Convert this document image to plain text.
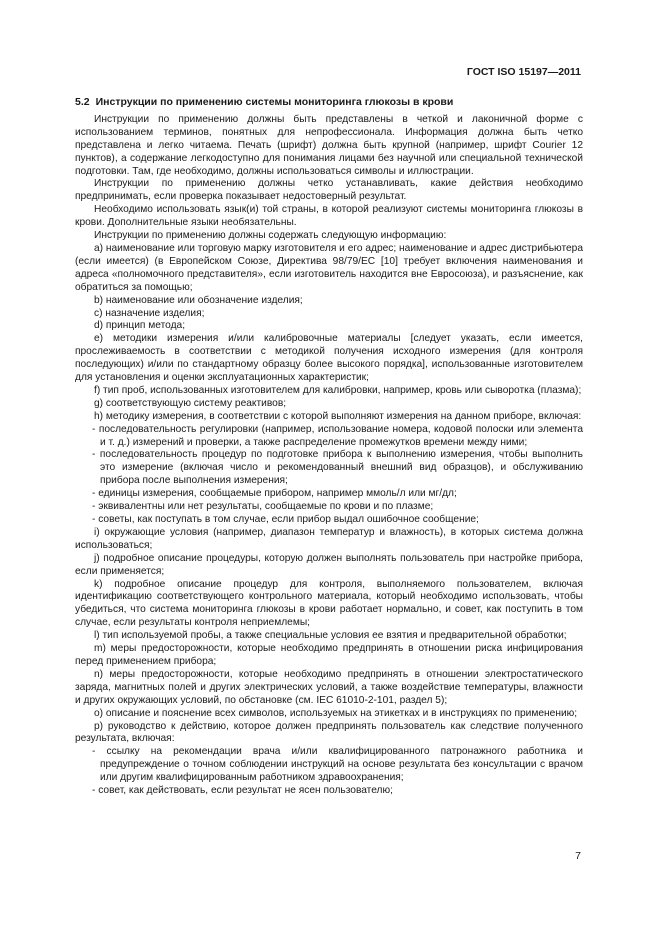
ГОСТ ISO 15197—2011
5.2 Инструкции по применению системы мониторинга глюкозы в крови

Инструкции по применению должны быть представлены в четкой и лаконичной форме с использованием терминов, понятных для непрофессионала. Информация должна быть четко представлена и легко читаема. Печать (шрифт) должна быть крупной (например, шрифт Courier 12 пунктов), а содержание легкодоступно для понимания лицами без научной или специальной технической подготовки. Там, где необходимо, должны использоваться символы и иллюстрации.

Инструкции по применению должны четко устанавливать, какие действия необходимо предпринимать, если проверка показывает недостоверный результат.

Необходимо использовать язык(и) той страны, в которой реализуют системы мониторинга глюкозы в крови. Дополнительные языки необязательны.

Инструкции по применению должны содержать следующую информацию:

a) наименование или торговую марку изготовителя и его адрес; наименование и адрес дистрибьютера (если имеется) (в Европейском Союзе, Директива 98/79/ЕС [10] требует включения наименования и адреса «полномочного представителя», если изготовитель находится вне Евросоюза), и разъяснение, как обратиться за помощью;

b) наименование или обозначение изделия;

c) назначение изделия;

d) принцип метода;

e) методики измерения и/или калибровочные материалы [следует указать, если имеется, прослеживаемость в соответствии с методикой получения исходного измерения (для контроля последующих) и/или по стандартному образцу более высокого порядка], использованные изготовителем для установления и оценки эксплуатационных характеристик;

f) тип проб, использованных изготовителем для калибровки, например, кровь или сыворотка (плазма);

g) соответствующую систему реактивов;

h) методику измерения, в соответствии с которой выполняют измерения на данном приборе, включая:

- последовательность регулировки (например, использование номера, кодовой полоски или элемента и т. д.) измерений и проверки, а также распределение промежутков времени между ними;
- последовательность процедур по подготовке прибора к выполнению измерения, чтобы выполнить это измерение (включая число и рекомендованный внешний вид образцов), и обслуживанию прибора после выполнения измерения;
- единицы измерения, сообщаемые прибором, например ммоль/л или мг/дл;
- эквивалентны или нет результаты, сообщаемые по крови и по плазме;
- советы, как поступать в том случае, если прибор выдал ошибочное сообщение;

i) окружающие условия (например, диапазон температур и влажность), в которых система должна использоваться;

j) подробное описание процедуры, которую должен выполнять пользователь при настройке прибора, если применяется;

k) подробное описание процедур для контроля, выполняемого пользователем, включая идентификацию соответствующего контрольного материала, который необходимо использовать, чтобы убедиться, что система мониторинга глюкозы в крови работает нормально, и совет, как поступить в том случае, если результаты контроля неприемлемы;

l) тип используемой пробы, а также специальные условия ее взятия и предварительной обработки;

m) меры предосторожности, которые необходимо предпринять в отношении риска инфицирования перед применением прибора;

n) меры предосторожности, которые необходимо предпринять в отношении электростатического заряда, магнитных полей и других электрических условий, а также воздействие температуры, влажности и других окружающих условий, по обстановке (см. IEC 61010-2-101, раздел 5);

o) описание и пояснение всех символов, используемых на этикетках и в инструкциях по применению;

p) руководство к действию, которое должен предпринять пользователь как следствие полученного результата, включая:

- ссылку на рекомендации врача и/или квалифицированного патронажного работника и предупреждение о точном соблюдении инструкций на основе результата без консультации с врачом или другим квалифицированным работником здравоохранения;
- совет, как действовать, если результат не ясен пользователю;
7
